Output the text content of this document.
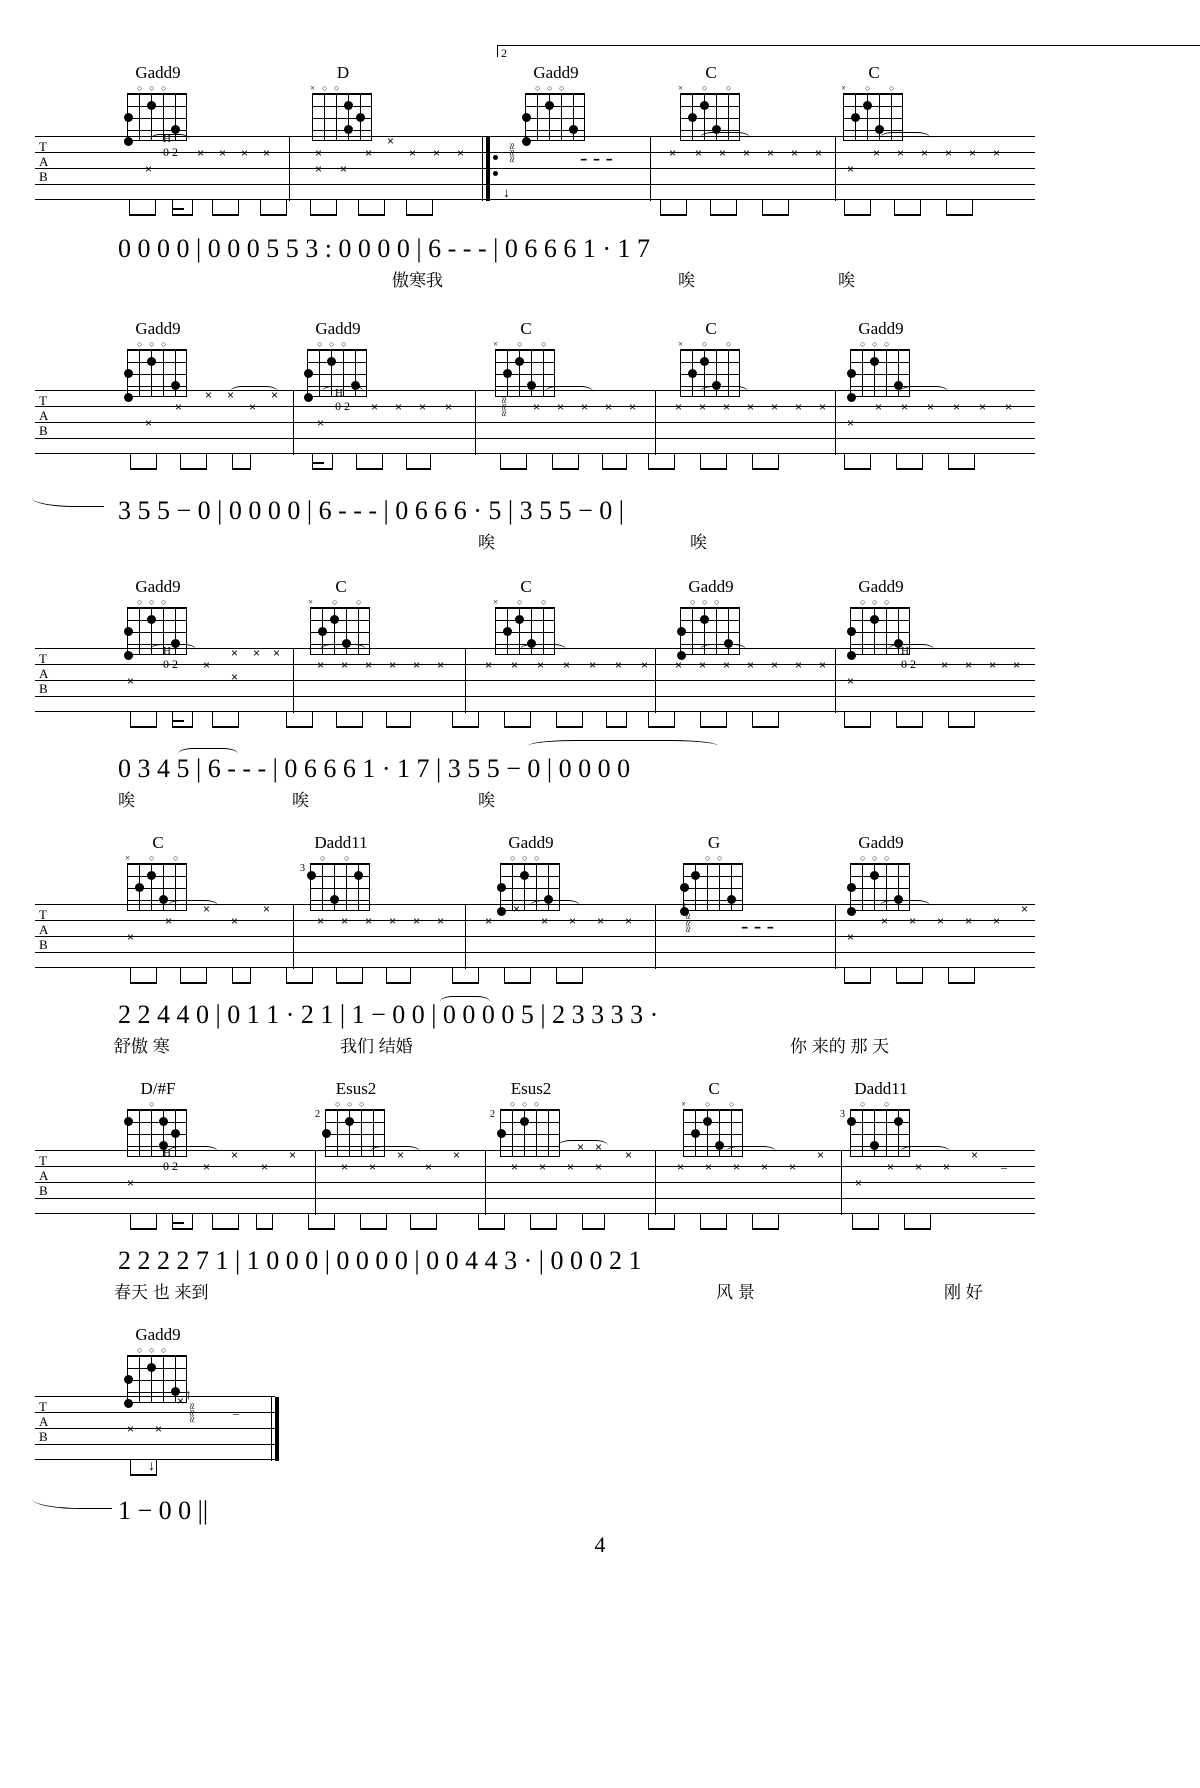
2
Gadd9
○ ○ ○
D
× ○ ○
Gadd9
○ ○ ○
C
× ○ ○
C
× ○ ○
T
A
B	×
H
0 2 × × × ×	×
× ×
×
×
× × ×	≈≈≈
↓
- - -	× × × × × × ×
×
× × × × × ×
0 0 0 0 | 0 0 0 5 5 3 : 0 0 0 0 | 6 - - - | 0 6 6 6 1 · 1 7
傲寒我	唉	唉
Gadd9
○ ○ ○
Gadd9
○ ○ ○
C
× ○ ○
C
× ○ ○
Gadd9
○ ○ ○
T
A
B	×
×
× ×
×
×
×
H
0 2 × × × ×	≈≈≈ × × × × ×	× × × × × × ×
×
× × × × × ×
3 5 5 − 0 | 0 0 0 0 | 6 - - - | 0 6 6 6 · 5 | 3 5 5 − 0 |
唉	唉
Gadd9
○ ○ ○
C
× ○ ○
C
× ○ ○
Gadd9
○ ○ ○
Gadd9
○ ○ ○
T
A
B	×
H
0 2 ×
× ×
×
×
× × × × × ×	× × × × × × × × × × × × × ×
×
H
0 2 × × × ×
0 3 4 5 | 6 - - - | 0 6 6 6 1 · 1 7 | 3 5 5 − 0 | 0 0 0 0
唉	唉	唉
C
× ○ ○
Dadd11
○ ○
3
Gadd9
○ ○ ○
G
○ ○
Gadd9
○ ○ ○
T
A
B	×
×
×
×
×
× × × × × ×	×
×
× × × ×
↑
≈≈≈ - - -	×
× × × × ×
×
2 2 4 4 0 | 0 1 1 · 2 1 | 1 − 0 0 | 0 0 0 0 5 | 2 3 3 3 3 ·
舒傲 寒	我们 结婚	你 来的 那 天
D/#F
○
Esus2
○ ○ ○
2
Esus2
○ ○ ○
2
C
× ○ ○
Dadd11
○ ○
3
T
A
B	×
H
0 2 ×
×
×
×
× ×
×
×
×
× ×
× × × ×
×
× × × × ×
×
×
× × ×
×
–
2 2 2 2 7 1 | 1 0 0 0 | 0 0 0 0 | 0 0 4 4 3 · | 0 0 0 2 1
春天 也 来到	风 景	刚 好
Gadd9
○ ○ ○
T
A
B	× ×
× ↑
≈≈≈	–
↓
1 − 0 0 ||
4
